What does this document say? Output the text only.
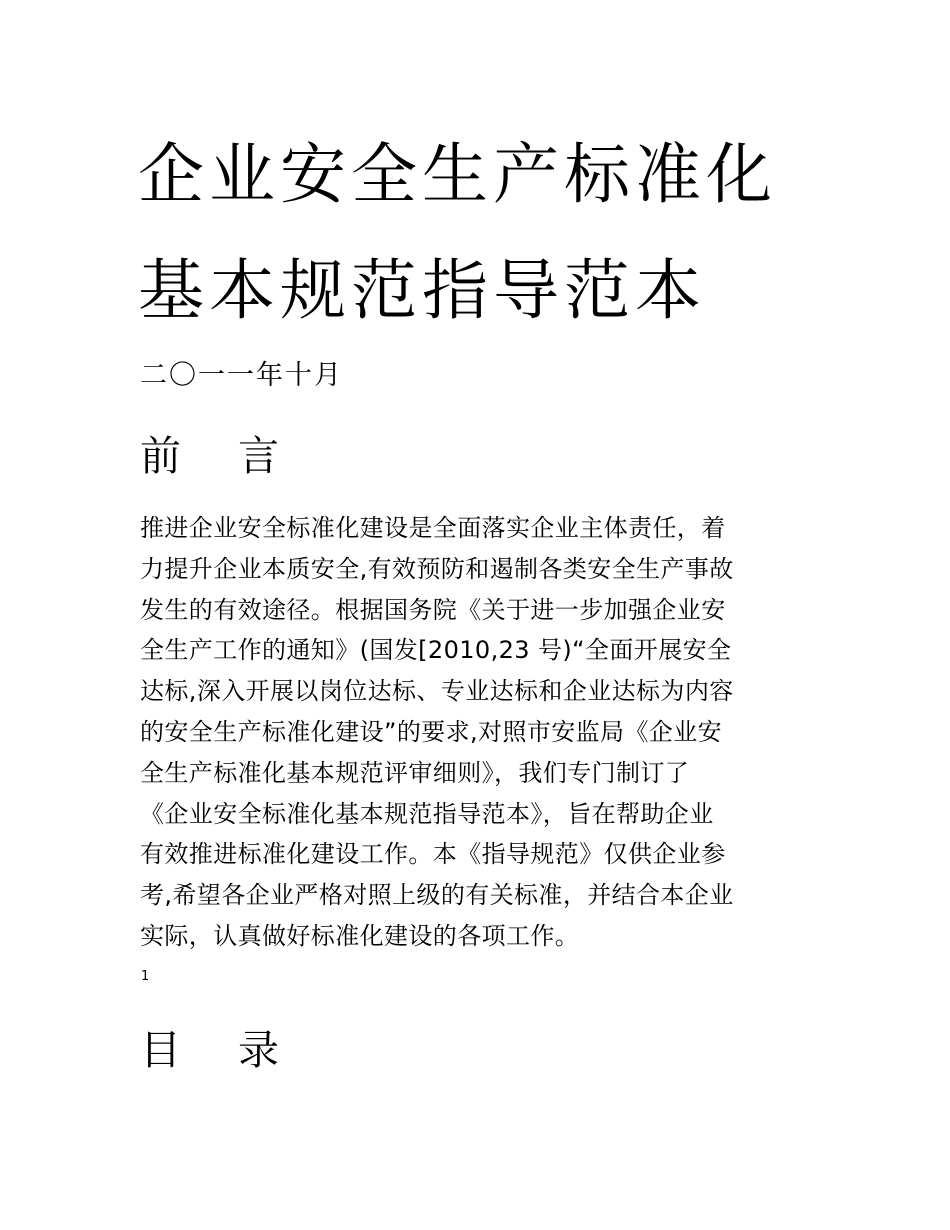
企业安全生产标准化
基本规范指导范本
二〇一一年十月
前 言
推进企业安全标准化建设是全面落实企业主体责任，着
力提升企业本质安全,有效预防和遏制各类安全生产事故
发生的有效途径。根据国务院《关于进一步加强企业安
全生产工作的通知》(国发[2010,23 号)“全面开展安全
达标,深入开展以岗位达标、专业达标和企业达标为内容
的安全生产标准化建设”的要求,对照市安监局《企业安
全生产标准化基本规范评审细则》，我们专门制订了
《企业安全标准化基本规范指导范本》，旨在帮助企业
有效推进标准化建设工作。本《指导规范》仅供企业参
考,希望各企业严格对照上级的有关标准，并结合本企业
实际，认真做好标准化建设的各项工作。
1
目 录
